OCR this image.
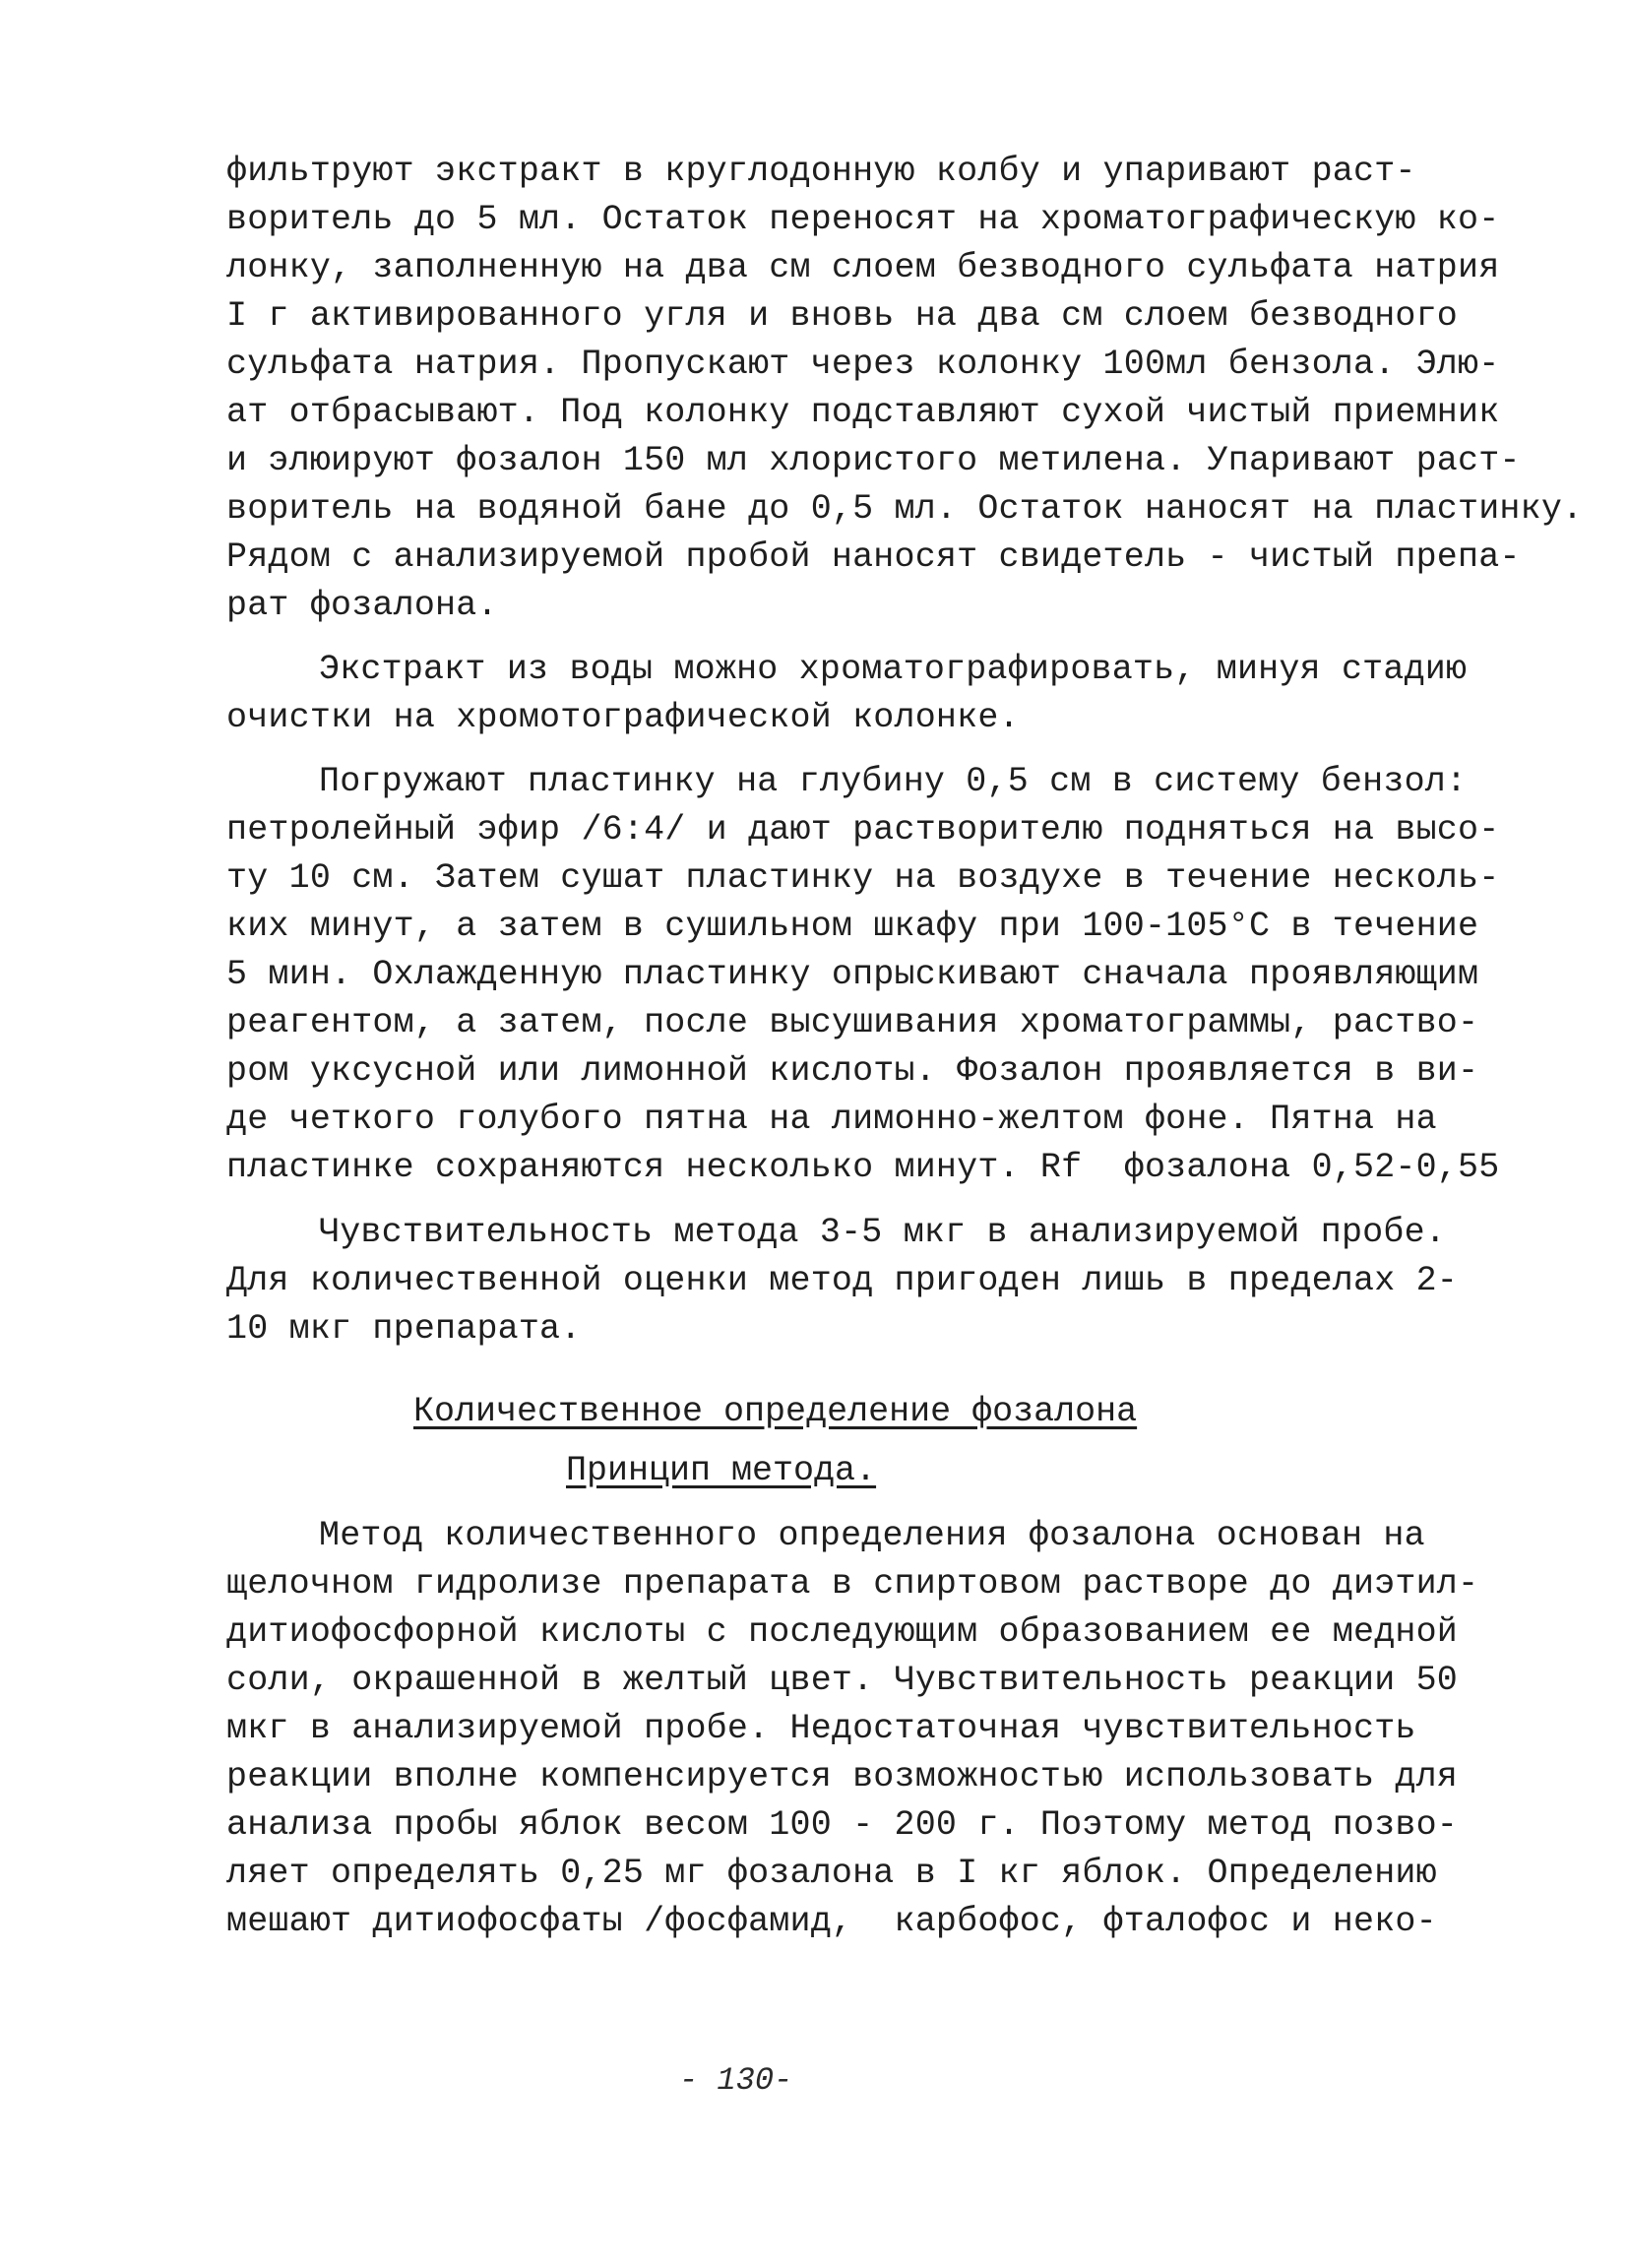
фильтруют экстракт в круглодонную колбу и упаривают раст-
воритель до 5 мл. Остаток переносят на хроматографическую ко-
лонку, заполненную на два см слоем безводного сульфата натрия
I г активированного угля и вновь на два см слоем безводного
сульфата натрия. Пропускают через колонку 100мл бензола. Элю-
ат отбрасывают. Под колонку подставляют сухой чистый приемник
и элюируют фозалон 150 мл хлористого метилена. Упаривают раст-
воритель на водяной бане до 0,5 мл. Остаток наносят на пластинку.
Рядом с анализируемой пробой наносят свидетель - чистый препа-
рат фозалона.
Экстракт из воды можно хроматографировать, минуя стадию
очистки на хромотографической колонке.
Погружают пластинку на глубину 0,5 см в систему бензол:
петролейный эфир /6:4/ и дают растворителю подняться на высо-
ту 10 см. Затем сушат пластинку на воздухе в течение несколь-
ких минут, а затем в сушильном шкафу при 100-105°С в течение
5 мин. Охлажденную пластинку опрыскивают сначала проявляющим
реагентом, а затем, после высушивания хроматограммы, раство-
ром уксусной или лимонной кислоты. Фозалон проявляется в ви-
де четкого голубого пятна на лимонно-желтом фоне. Пятна на
пластинке сохраняются несколько минут. Rf  фозалона 0,52-0,55
Чувствительность метода 3-5 мкг в анализируемой пробе.
Для количественной оценки метод пригоден лишь в пределах 2-
10 мкг препарата.
Количественное определение фозалона
Принцип метода.
Метод количественного определения фозалона основан на
щелочном гидролизе препарата в спиртовом растворе до диэтил-
дитиофосфорной кислоты с последующим образованием ее медной
соли, окрашенной в желтый цвет. Чувствительность реакции 50
мкг в анализируемой пробе. Недостаточная чувствительность
реакции вполне компенсируется возможностью использовать для
анализа пробы яблок весом 100 - 200 г. Поэтому метод позво-
ляет определять 0,25 мг фозалона в I кг яблок. Определению
мешают дитиофосфаты /фосфамид,  карбофос, фталофос и неко-
- 130-
